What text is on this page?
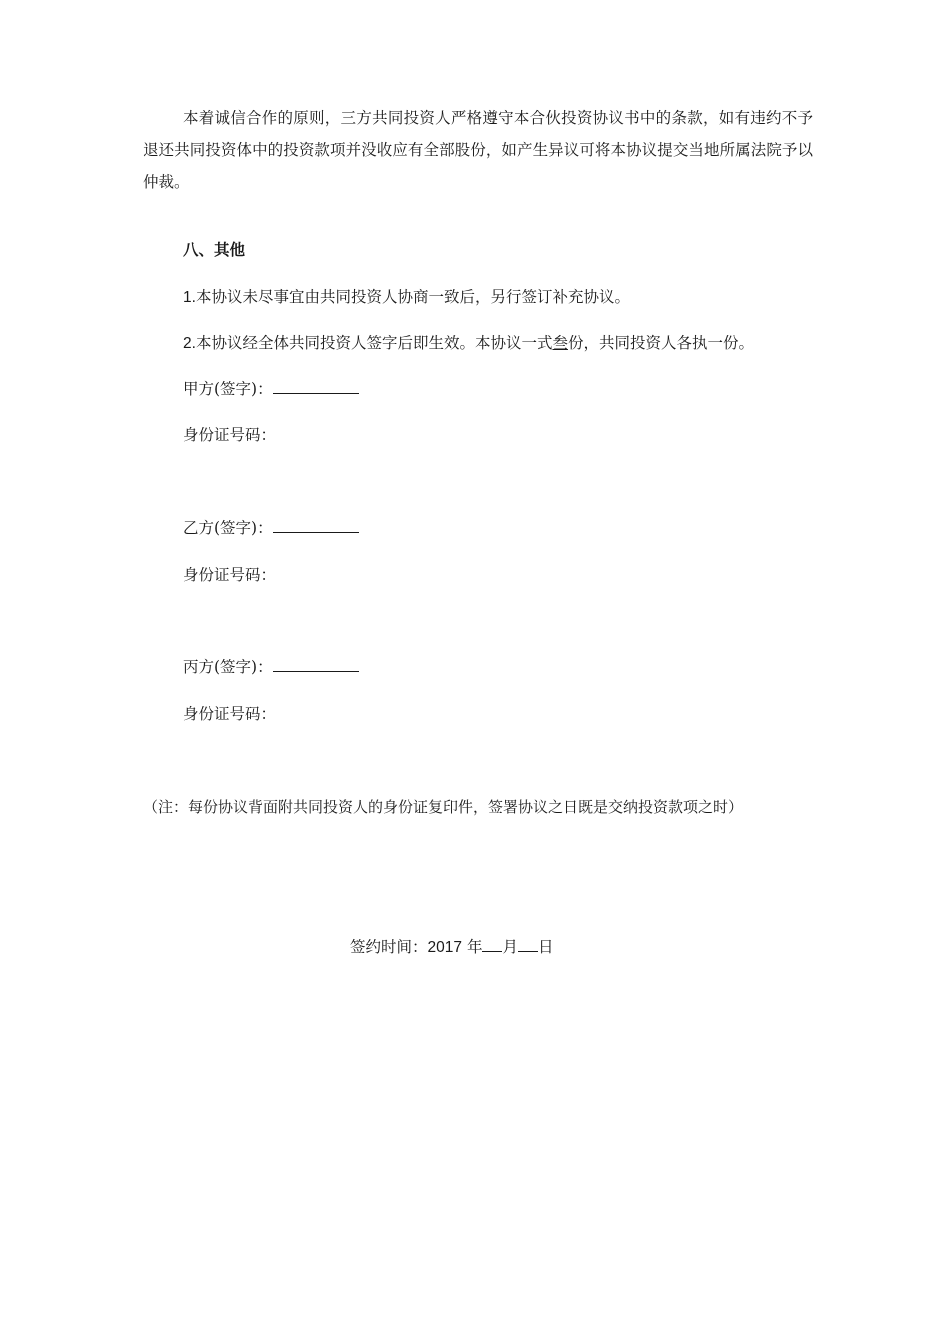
本着诚信合作的原则，三方共同投资人严格遵守本合伙投资协议书中的条款，如有违约不予退还共同投资体中的投资款项并没收应有全部股份，如产生异议可将本协议提交当地所属法院予以仲裁。

八、其他
1.本协议未尽事宜由共同投资人协商一致后，另行签订补充协议。
2.本协议经全体共同投资人签字后即生效。本协议一式叁份，共同投资人各执一份。
甲方(签字)：
身份证号码：
乙方(签字)：
身份证号码：
丙方(签字)：
身份证号码：
（注：每份协议背面附共同投资人的身份证复印件，签署协议之日既是交纳投资款项之时）
签约时间：2017 年 月 日
